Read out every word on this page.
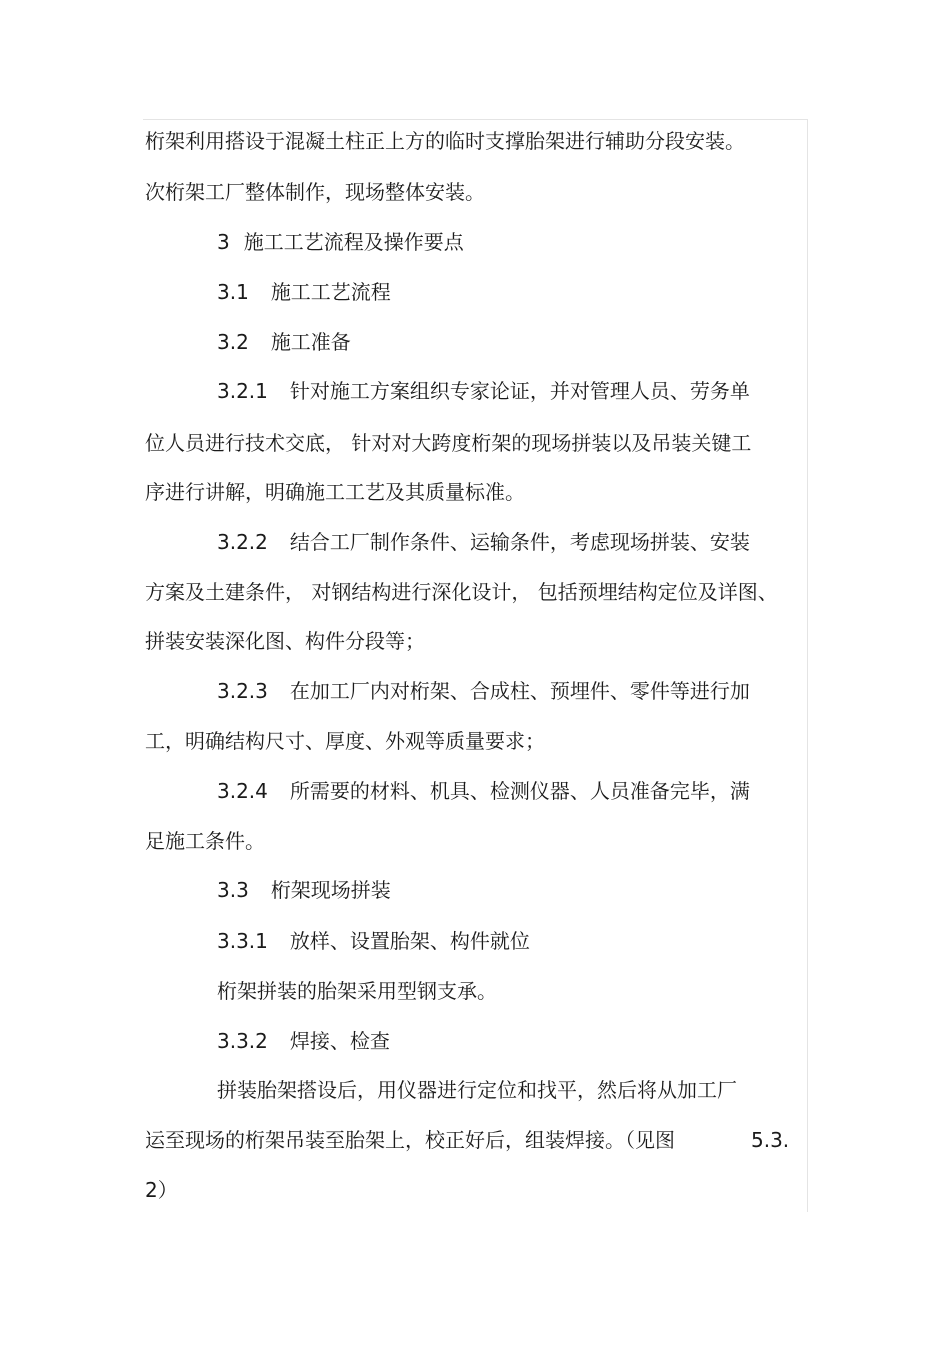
桁架利用搭设于混凝土柱正上方的临时支撑胎架进行辅助分段安装。
次桁架工厂整体制作，现场整体安装。
3 施工工艺流程及操作要点
3.1 施工工艺流程
3.2 施工准备
3.2.1 针对施工方案组织专家论证，并对管理人员、劳务单
位人员进行技术交底， 针对对大跨度桁架的现场拼装以及吊装关键工
序进行讲解，明确施工工艺及其质量标准。
3.2.2 结合工厂制作条件、运输条件，考虑现场拼装、安装
方案及土建条件， 对钢结构进行深化设计， 包括预埋结构定位及详图、
拼装安装深化图、构件分段等；
3.2.3 在加工厂内对桁架、合成柱、预埋件、零件等进行加
工，明确结构尺寸、厚度、外观等质量要求；
3.2.4 所需要的材料、机具、检测仪器、人员准备完毕，满
足施工条件。
3.3 桁架现场拼装
3.3.1 放样、设置胎架、构件就位
桁架拼装的胎架采用型钢支承。
3.3.2 焊接、检查
拼装胎架搭设后，用仪器进行定位和找平，然后将从加工厂
运至现场的桁架吊装至胎架上，校正好后，组装焊接。（见图	5.3.
2）
